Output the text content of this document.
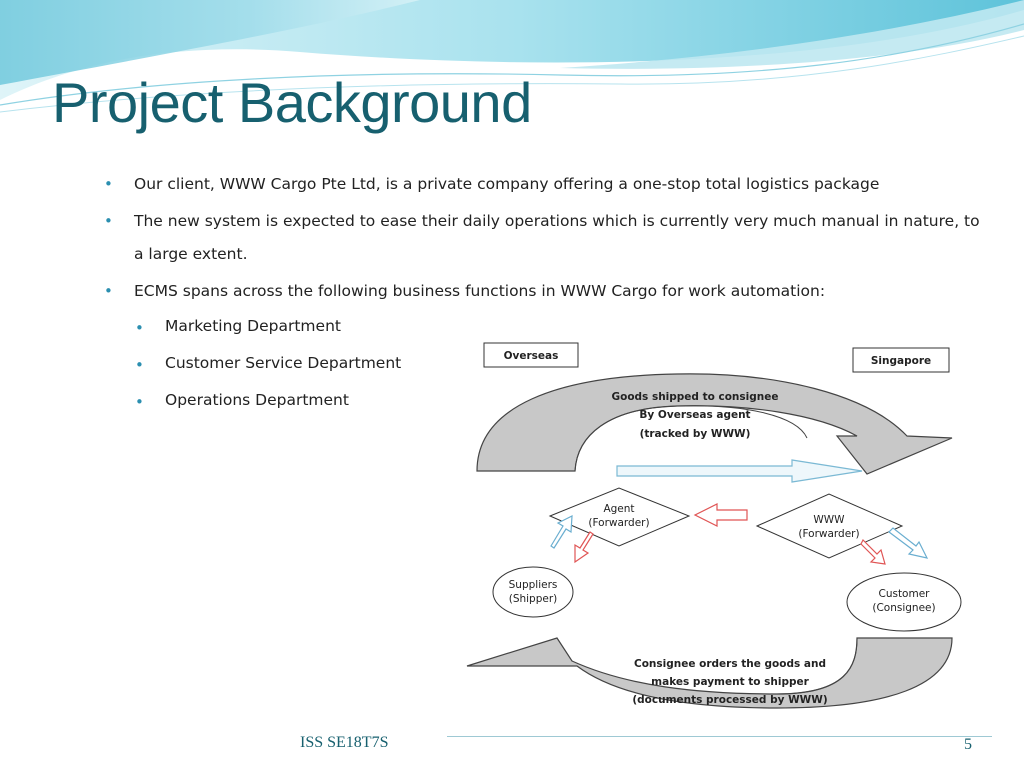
Project Background
• Our client, WWW Cargo Pte Ltd, is a private company offering a one-stop total logistics package
• The new system is expected to ease their daily operations which is currently very much manual in nature, to a large extent.
• ECMS spans across the following business functions in WWW Cargo for work automation:
• Marketing Department
• Customer Service Department
• Operations Department
Overseas	Singapore
Goods shipped to consignee
By Overseas agent
(tracked by WWW)
Agent
(Forwarder)	WWW
(Forwarder)
Suppliers
(Shipper)	Customer
(Consignee)
Consignee orders the goods and
makes payment to shipper
(documents processed by WWW)
ISS SE18T7S	5
